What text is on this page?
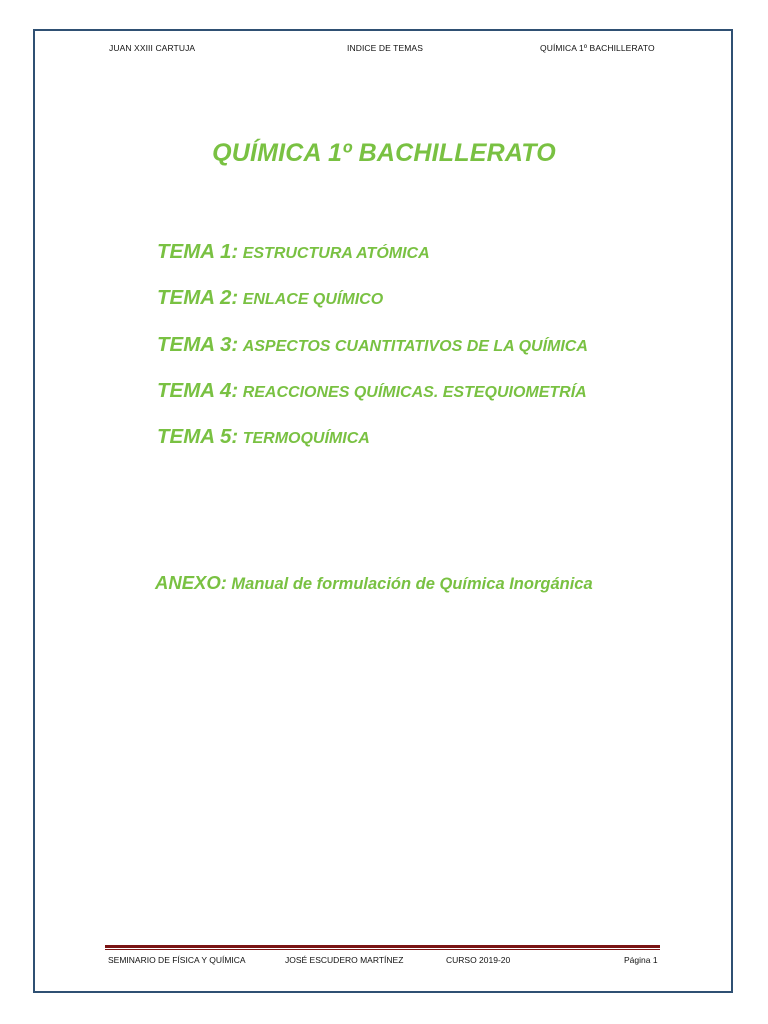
JUAN XXIII CARTUJA	INDICE DE TEMAS	QUÍMICA 1º BACHILLERATO
QUÍMICA 1º BACHILLERATO
TEMA 1: ESTRUCTURA ATÓMICA
TEMA 2: ENLACE QUÍMICO
TEMA 3: ASPECTOS CUANTITATIVOS DE LA QUÍMICA
TEMA 4: REACCIONES QUÍMICAS. ESTEQUIOMETRÍA
TEMA 5: TERMOQUÍMICA
ANEXO: Manual de formulación de Química Inorgánica
SEMINARIO DE FÍSICA Y QUÍMICA	JOSÉ ESCUDERO MARTÍNEZ	CURSO 2019-20	Página 1
